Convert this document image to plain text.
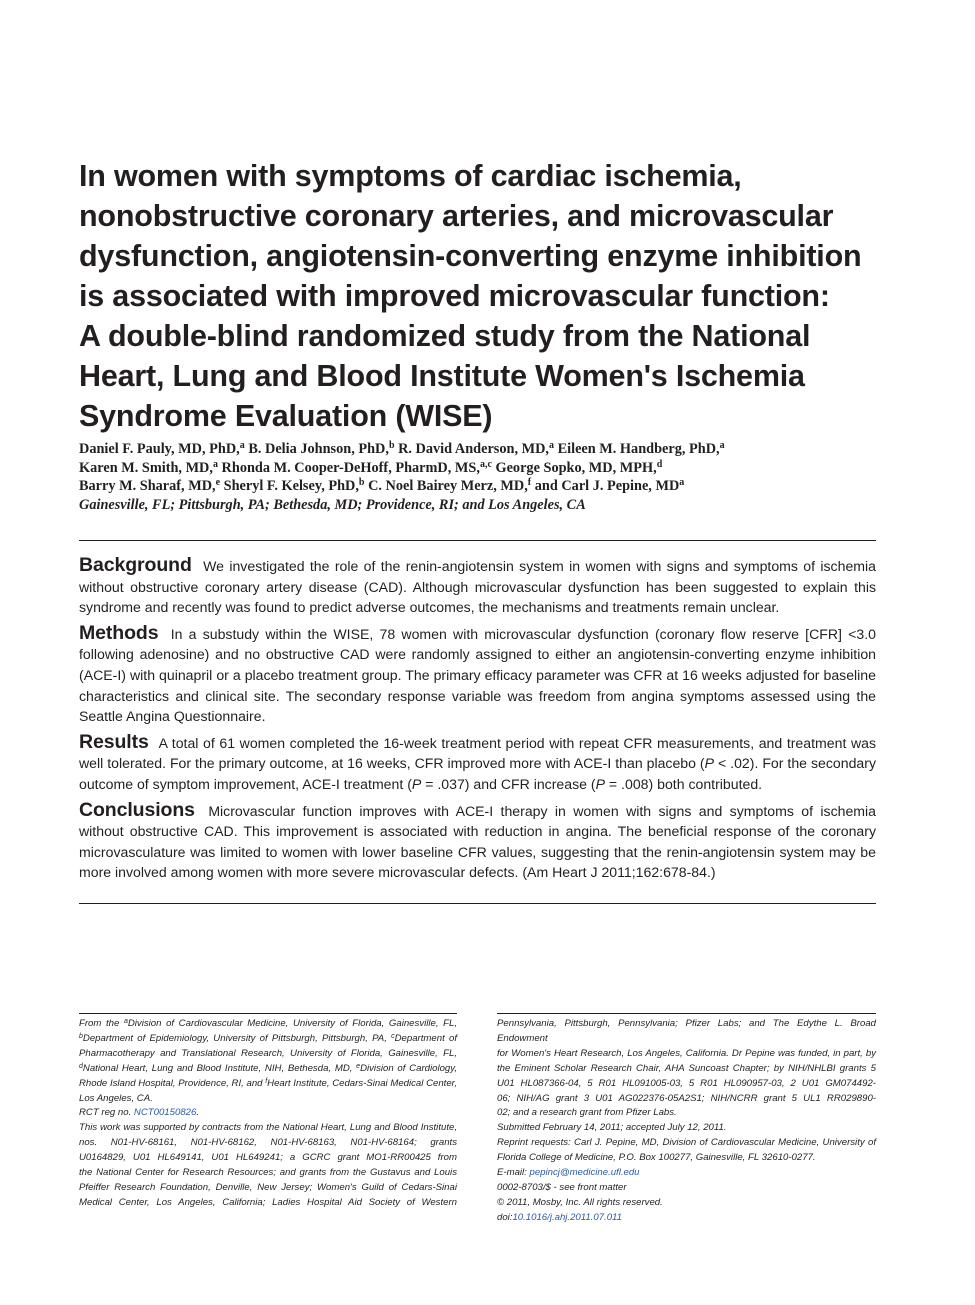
In women with symptoms of cardiac ischemia,
nonobstructive coronary arteries, and microvascular
dysfunction, angiotensin-converting enzyme inhibition
is associated with improved microvascular function:
A double-blind randomized study from the National
Heart, Lung and Blood Institute Women's Ischemia
Syndrome Evaluation (WISE)
Daniel F. Pauly, MD, PhD,$^a$ B. Delia Johnson, PhD,$^b$ R. David Anderson, MD,$^a$ Eileen M. Handberg, PhD,$^a$
Karen M. Smith, MD,$^a$ Rhonda M. Cooper-DeHoff, PharmD, MS,$^{a,c}$ George Sopko, MD, MPH,$^d$
Barry M. Sharaf, MD,$^e$ Sheryl F. Kelsey, PhD,$^b$ C. Noel Bairey Merz, MD,$^f$ and Carl J. Pepine, $MD^a$
Gainesville, FL; Pittsburgh, PA; Bethesda, MD; Providence, RI; and Los Angeles, CA

Background We investigated the role of the renin-angiotensin system in women with signs and symptoms of ischemia without obstructive coronary artery disease (CAD). Although microvascular dysfunction has been suggested to explain this syndrome and recently was found to predict adverse outcomes, the mechanisms and treatments remain unclear.

Methods In a substudy within the WISE, 78 women with microvascular dysfunction (coronary flow reserve [CFR] <3.0 following adenosine) and no obstructive CAD were randomly assigned to either an angiotensin-converting enzyme inhibition (ACE-I) with quinapril or a placebo treatment group. The primary efficacy parameter was CFR at 16 weeks adjusted for baseline characteristics and clinical site. The secondary response variable was freedom from angina symptoms assessed using the Seattle Angina Questionnaire.

Results A total of 61 women completed the 16-week treatment period with repeat CFR measurements, and treatment was well tolerated. For the primary outcome, at 16 weeks, CFR improved more with ACE-I than placebo (P < .02). For the secondary outcome of symptom improvement, ACE-I treatment (P = .037) and CFR increase (P = .008) both contributed.

Conclusions Microvascular function improves with ACE-I therapy in women with signs and symptoms of ischemia without obstructive CAD. This improvement is associated with reduction in angina. The beneficial response of the coronary microvasculature was limited to women with lower baseline CFR values, suggesting that the renin-angiotensin system may be more involved among women with more severe microvascular defects. (Am Heart J 2011;162:678-84.)

From the $^a$Division of Cardiovascular Medicine, University of Florida, Gainesville, FL,
$^b$Department of Epidemiology, University of Pittsburgh, Pittsburgh, PA, $^c$Department of
Pharmacotherapy and Translational Research, University of Florida, Gainesville, FL,
$^d$National Heart, Lung and Blood Institute, NIH, Bethesda, MD, $^e$Division of Cardiology,
Rhode Island Hospital, Providence, RI, and $^f$Heart Institute, Cedars-Sinai Medical Center,
Los Angeles, CA.
RCT reg no. NCT00150826.
This work was supported by contracts from the National Heart, Lung and Blood Institute,
nos. N01-HV-68161, N01-HV-68162, N01-HV-68163, N01-HV-68164; grants
U0164829, U01 HL649141, U01 HL649241; a GCRC grant MO1-RR00425 from
the National Center for Research Resources; and grants from the Gustavus and Louis
Pfeiffer Research Foundation, Denville, New Jersey; Women's Guild of Cedars-Sinai
Medical Center, Los Angeles, California; Ladies Hospital Aid Society of Western
Pennsylvania, Pittsburgh, Pennsylvania; Pfizer Labs; and The Edythe L. Broad Endowment
for Women's Heart Research, Los Angeles, California. Dr Pepine was funded, in part, by
the Eminent Scholar Research Chair, AHA Suncoast Chapter; by NIH/NHLBI grants 5
U01 HL087366-04, 5 R01 HL091005-03, 5 R01 HL090957-03, 2 U01 GM074492-
06; NIH/AG grant 3 U01 AG022376-05A2S1; NIH/NCRR grant 5 UL1 RR029890-
02; and a research grant from Pfizer Labs.
Submitted February 14, 2011; accepted July 12, 2011.
Reprint requests: Carl J. Pepine, MD, Division of Cardiovascular Medicine, University of
Florida College of Medicine, P.O. Box 100277, Gainesville, FL 32610-0277.
E-mail: pepincj@medicine.ufl.edu
0002-8703/$ - see front matter
© 2011, Mosby, Inc. All rights reserved.
doi:10.1016/j.ahj.2011.07.011
